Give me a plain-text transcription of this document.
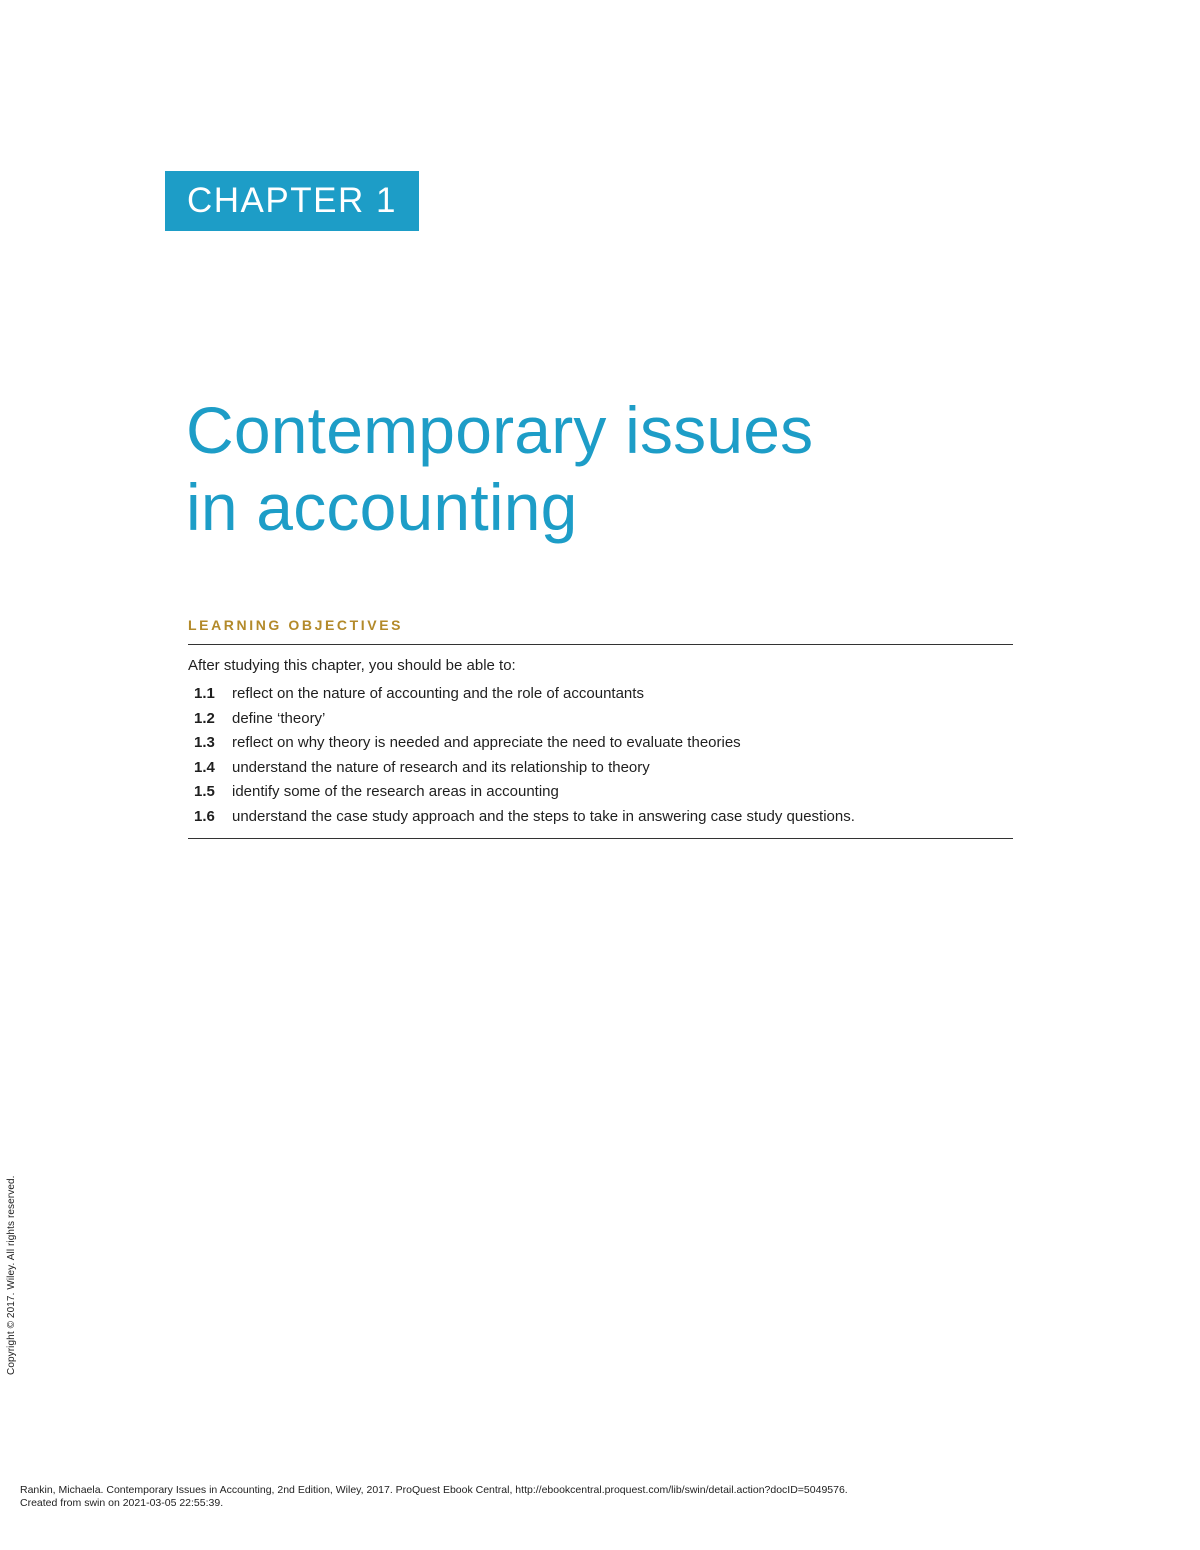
CHAPTER 1
Contemporary issues
in accounting
LEARNING OBJECTIVES
After studying this chapter, you should be able to:
1.1 reflect on the nature of accounting and the role of accountants
1.2 define ‘theory’
1.3 reflect on why theory is needed and appreciate the need to evaluate theories
1.4 understand the nature of research and its relationship to theory
1.5 identify some of the research areas in accounting
1.6 understand the case study approach and the steps to take in answering case study questions.
Copyright © 2017. Wiley. All rights reserved.
Rankin, Michaela. Contemporary Issues in Accounting, 2nd Edition, Wiley, 2017. ProQuest Ebook Central, http://ebookcentral.proquest.com/lib/swin/detail.action?docID=5049576.
Created from swin on 2021-03-05 22:55:39.
